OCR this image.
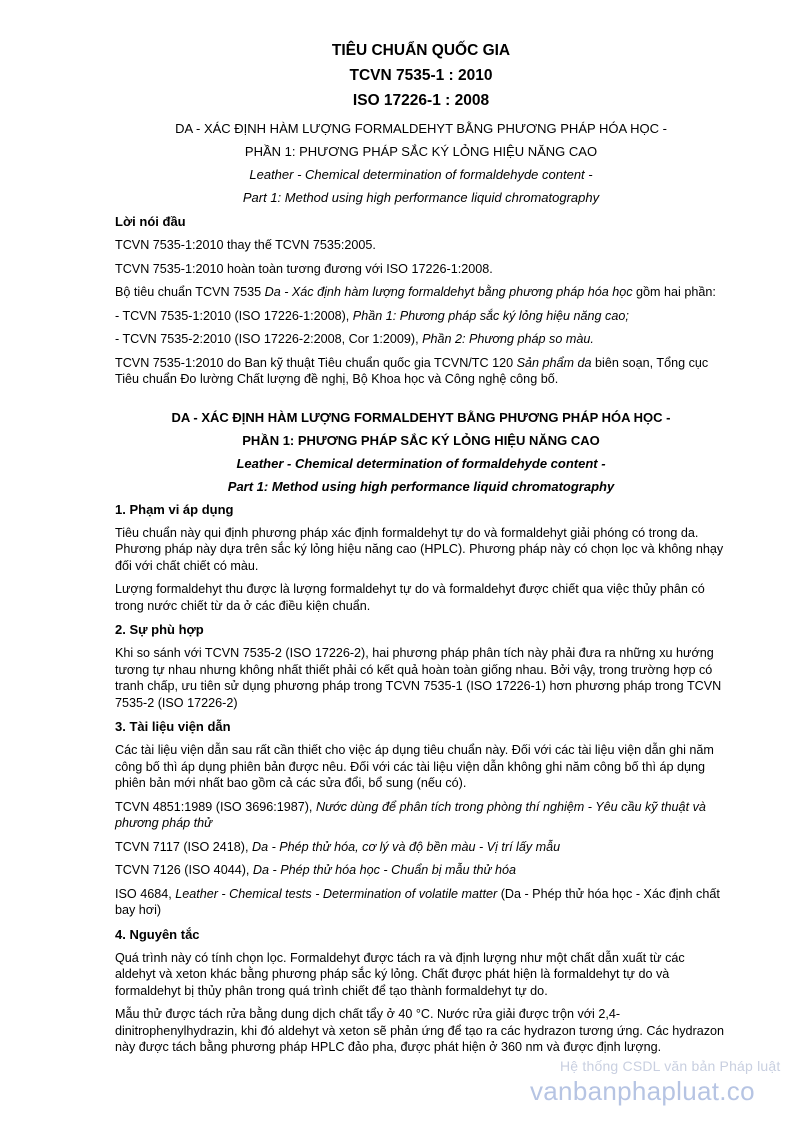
TIÊU CHUẨN QUỐC GIA
TCVN 7535-1 : 2010
ISO 17226-1 : 2008
DA - XÁC ĐỊNH HÀM LƯỢNG FORMALDEHYT BẰNG PHƯƠNG PHÁP HÓA HỌC -
PHẦN 1: PHƯƠNG PHÁP SẮC KÝ LỎNG HIỆU NĂNG CAO
Leather - Chemical determination of formaldehyde content -
Part 1: Method using high performance liquid chromatography
Lời nói đầu

TCVN 7535-1:2010 thay thế TCVN 7535:2005.

TCVN 7535-1:2010 hoàn toàn tương đương với ISO 17226-1:2008.

Bộ tiêu chuẩn TCVN 7535 Da - Xác định hàm lượng formaldehyt bằng phương pháp hóa học gồm hai phần:

- TCVN 7535-1:2010 (ISO 17226-1:2008), Phần 1: Phương pháp sắc ký lỏng hiệu năng cao;

- TCVN 7535-2:2010 (ISO 17226-2:2008, Cor 1:2009), Phần 2: Phương pháp so màu.

TCVN 7535-1:2010 do Ban kỹ thuật Tiêu chuẩn quốc gia TCVN/TC 120 Sản phẩm da biên soạn, Tổng cục Tiêu chuẩn Đo lường Chất lượng đề nghị, Bộ Khoa học và Công nghệ công bố.

DA - XÁC ĐỊNH HÀM LƯỢNG FORMALDEHYT BẰNG PHƯƠNG PHÁP HÓA HỌC -
PHẦN 1: PHƯƠNG PHÁP SẮC KÝ LỎNG HIỆU NĂNG CAO
Leather - Chemical determination of formaldehyde content -
Part 1: Method using high performance liquid chromatography
1. Phạm vi áp dụng

Tiêu chuẩn này qui định phương pháp xác định formaldehyt tự do và formaldehyt giải phóng có trong da. Phương pháp này dựa trên sắc ký lỏng hiệu năng cao (HPLC). Phương pháp này có chọn lọc và không nhạy đối với chất chiết có màu.

Lượng formaldehyt thu được là lượng formaldehyt tự do và formaldehyt được chiết qua việc thủy phân có trong nước chiết từ da ở các điều kiện chuẩn.

2. Sự phù hợp

Khi so sánh với TCVN 7535-2 (ISO 17226-2), hai phương pháp phân tích này phải đưa ra những xu hướng tương tự nhau nhưng không nhất thiết phải có kết quả hoàn toàn giống nhau. Bởi vậy, trong trường hợp có tranh chấp, ưu tiên sử dụng phương pháp trong TCVN 7535-1 (ISO 17226-1) hơn phương pháp trong TCVN 7535-2 (ISO 17226-2)

3. Tài liệu viện dẫn

Các tài liệu viện dẫn sau rất cần thiết cho việc áp dụng tiêu chuẩn này. Đối với các tài liệu viện dẫn ghi năm công bố thì áp dụng phiên bản được nêu. Đối với các tài liệu viện dẫn không ghi năm công bố thì áp dụng phiên bản mới nhất bao gồm cả các sửa đổi, bổ sung (nếu có).

TCVN 4851:1989 (ISO 3696:1987), Nước dùng để phân tích trong phòng thí nghiệm - Yêu cầu kỹ thuật và phương pháp thử

TCVN 7117 (ISO 2418), Da - Phép thử hóa, cơ lý và độ bền màu - Vị trí lấy mẫu

TCVN 7126 (ISO 4044), Da - Phép thử hóa học - Chuẩn bị mẫu thử hóa

ISO 4684, Leather - Chemical tests - Determination of volatile matter (Da - Phép thử hóa học - Xác định chất bay hơi)

4. Nguyên tắc

Quá trình này có tính chọn lọc. Formaldehyt được tách ra và định lượng như một chất dẫn xuất từ các aldehyt và xeton khác bằng phương pháp sắc ký lỏng. Chất được phát hiện là formaldehyt tự do và formaldehyt bị thủy phân trong quá trình chiết để tạo thành formaldehyt tự do.

Mẫu thử được tách rửa bằng dung dịch chất tẩy ở 40 °C. Nước rửa giải được trộn với 2,4-dinitrophenylhydrazin, khi đó aldehyt và xeton sẽ phản ứng để tạo ra các hydrazon tương ứng. Các hydrazon này được tách bằng phương pháp HPLC đảo pha, được phát hiện ở 360 nm và được định lượng.

Hệ thống CSDL văn bản Pháp luật
vanbanphapluat.co
